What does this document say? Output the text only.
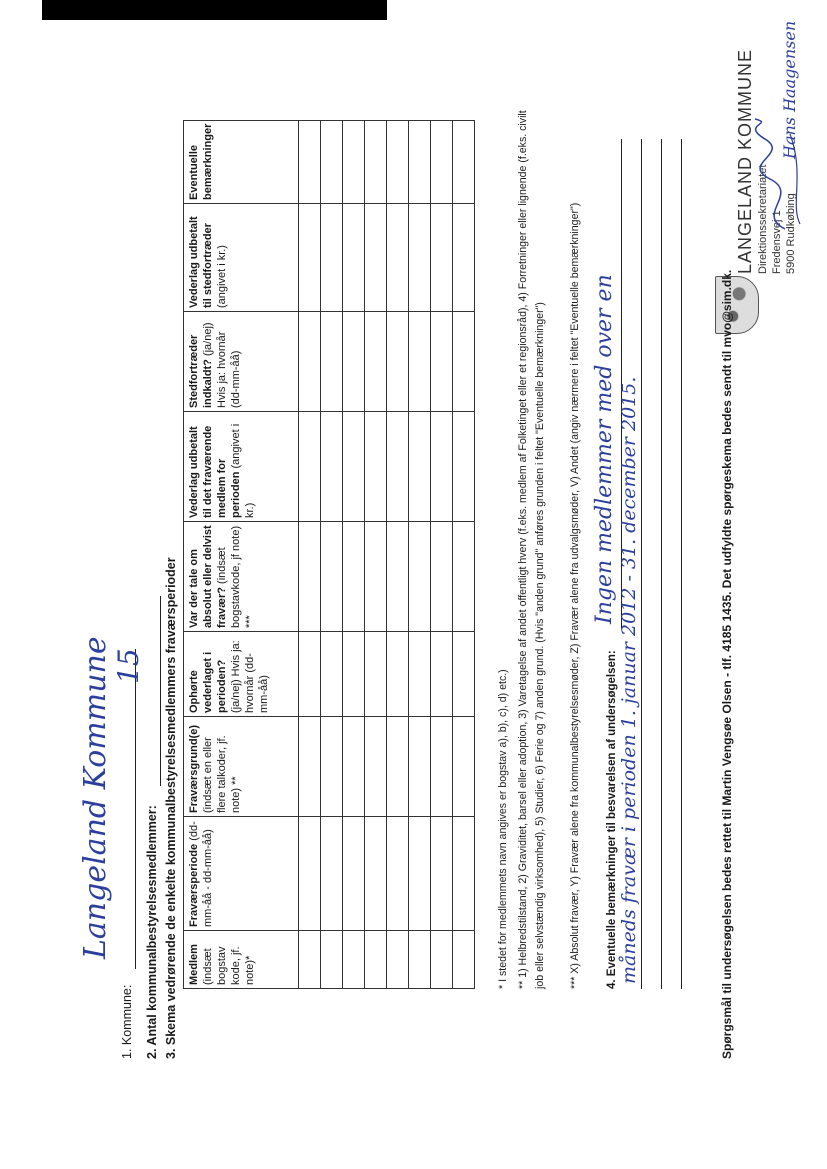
1. Kommune:
Langeland Kommune	2. Antal kommunalbestyrelsesmedlemmer:
15 3. Skema vedrørende de enkelte kommunalbestyrelsesmedlemmers fraværsperioder Medlem (indsæt bogstav kode, jf. note)*	Fraværsperiode (dd-mm-åå - dd-mm-åå)	Fraværsgrund(e) (indsæt en eller flere talkoder, jf. note) **	Ophørte vederlaget i perioden? (ja/nej) Hvis ja: hvornår (dd-mm-åå)	Var der tale om absolut eller delvist fravær? (indsæt bogstavkode, jf note) ***	Vederlag udbetalt til det fraværende medlem for perioden (angivet i kr.)	Stedfortræder indkaldt? (ja/nej) Hvis ja: hvornår (dd-mm-åå)	Vederlag udbetalt til stedfortræder (angivet i kr.)	Eventuelle bemærkninger

* I stedet for medlemmets navn angives er bogstav a), b), c), d) etc.) ** 1) Helbredstilstand, 2) Graviditet, barsel eller adoption, 3) Varetagelse af andet offentligt hverv (f.eks. medlem af Folketinget eller et regionsråd), 4) Forretninger eller lignende (f.eks. civilt job eller selvstændig virksomhed), 5) Studier, 6) Ferie og 7) anden grund. (Hvis "anden grund" anføres grunden i feltet "Eventuelle bemærkninger") *** X) Absolut fravær, Y) Fravær alene fra kommunalbestyrelsesmøder, Z) Fravær alene fra udvalgsmøder, V) Andet (angiv nærmere i feltet "Eventuelle bemærkninger") 4. Eventuelle bemærkninger til besvarelsen af undersøgelsen:
Ingen medlemmer med over en måneds fravær i perioden 1. januar 2012 - 31. december 2015.
LANGELAND KOMMUNE Direktionssekretariatet Fredensvej 1 5900 Rudkøbing
Hans Haagensen
Spørgsmål til undersøgelsen bedes rettet til Martin Vengsøe Olsen - tlf. 4185 1435. Det udfyldte spørgeskema bedes sendt til mvo@sim.dk.
